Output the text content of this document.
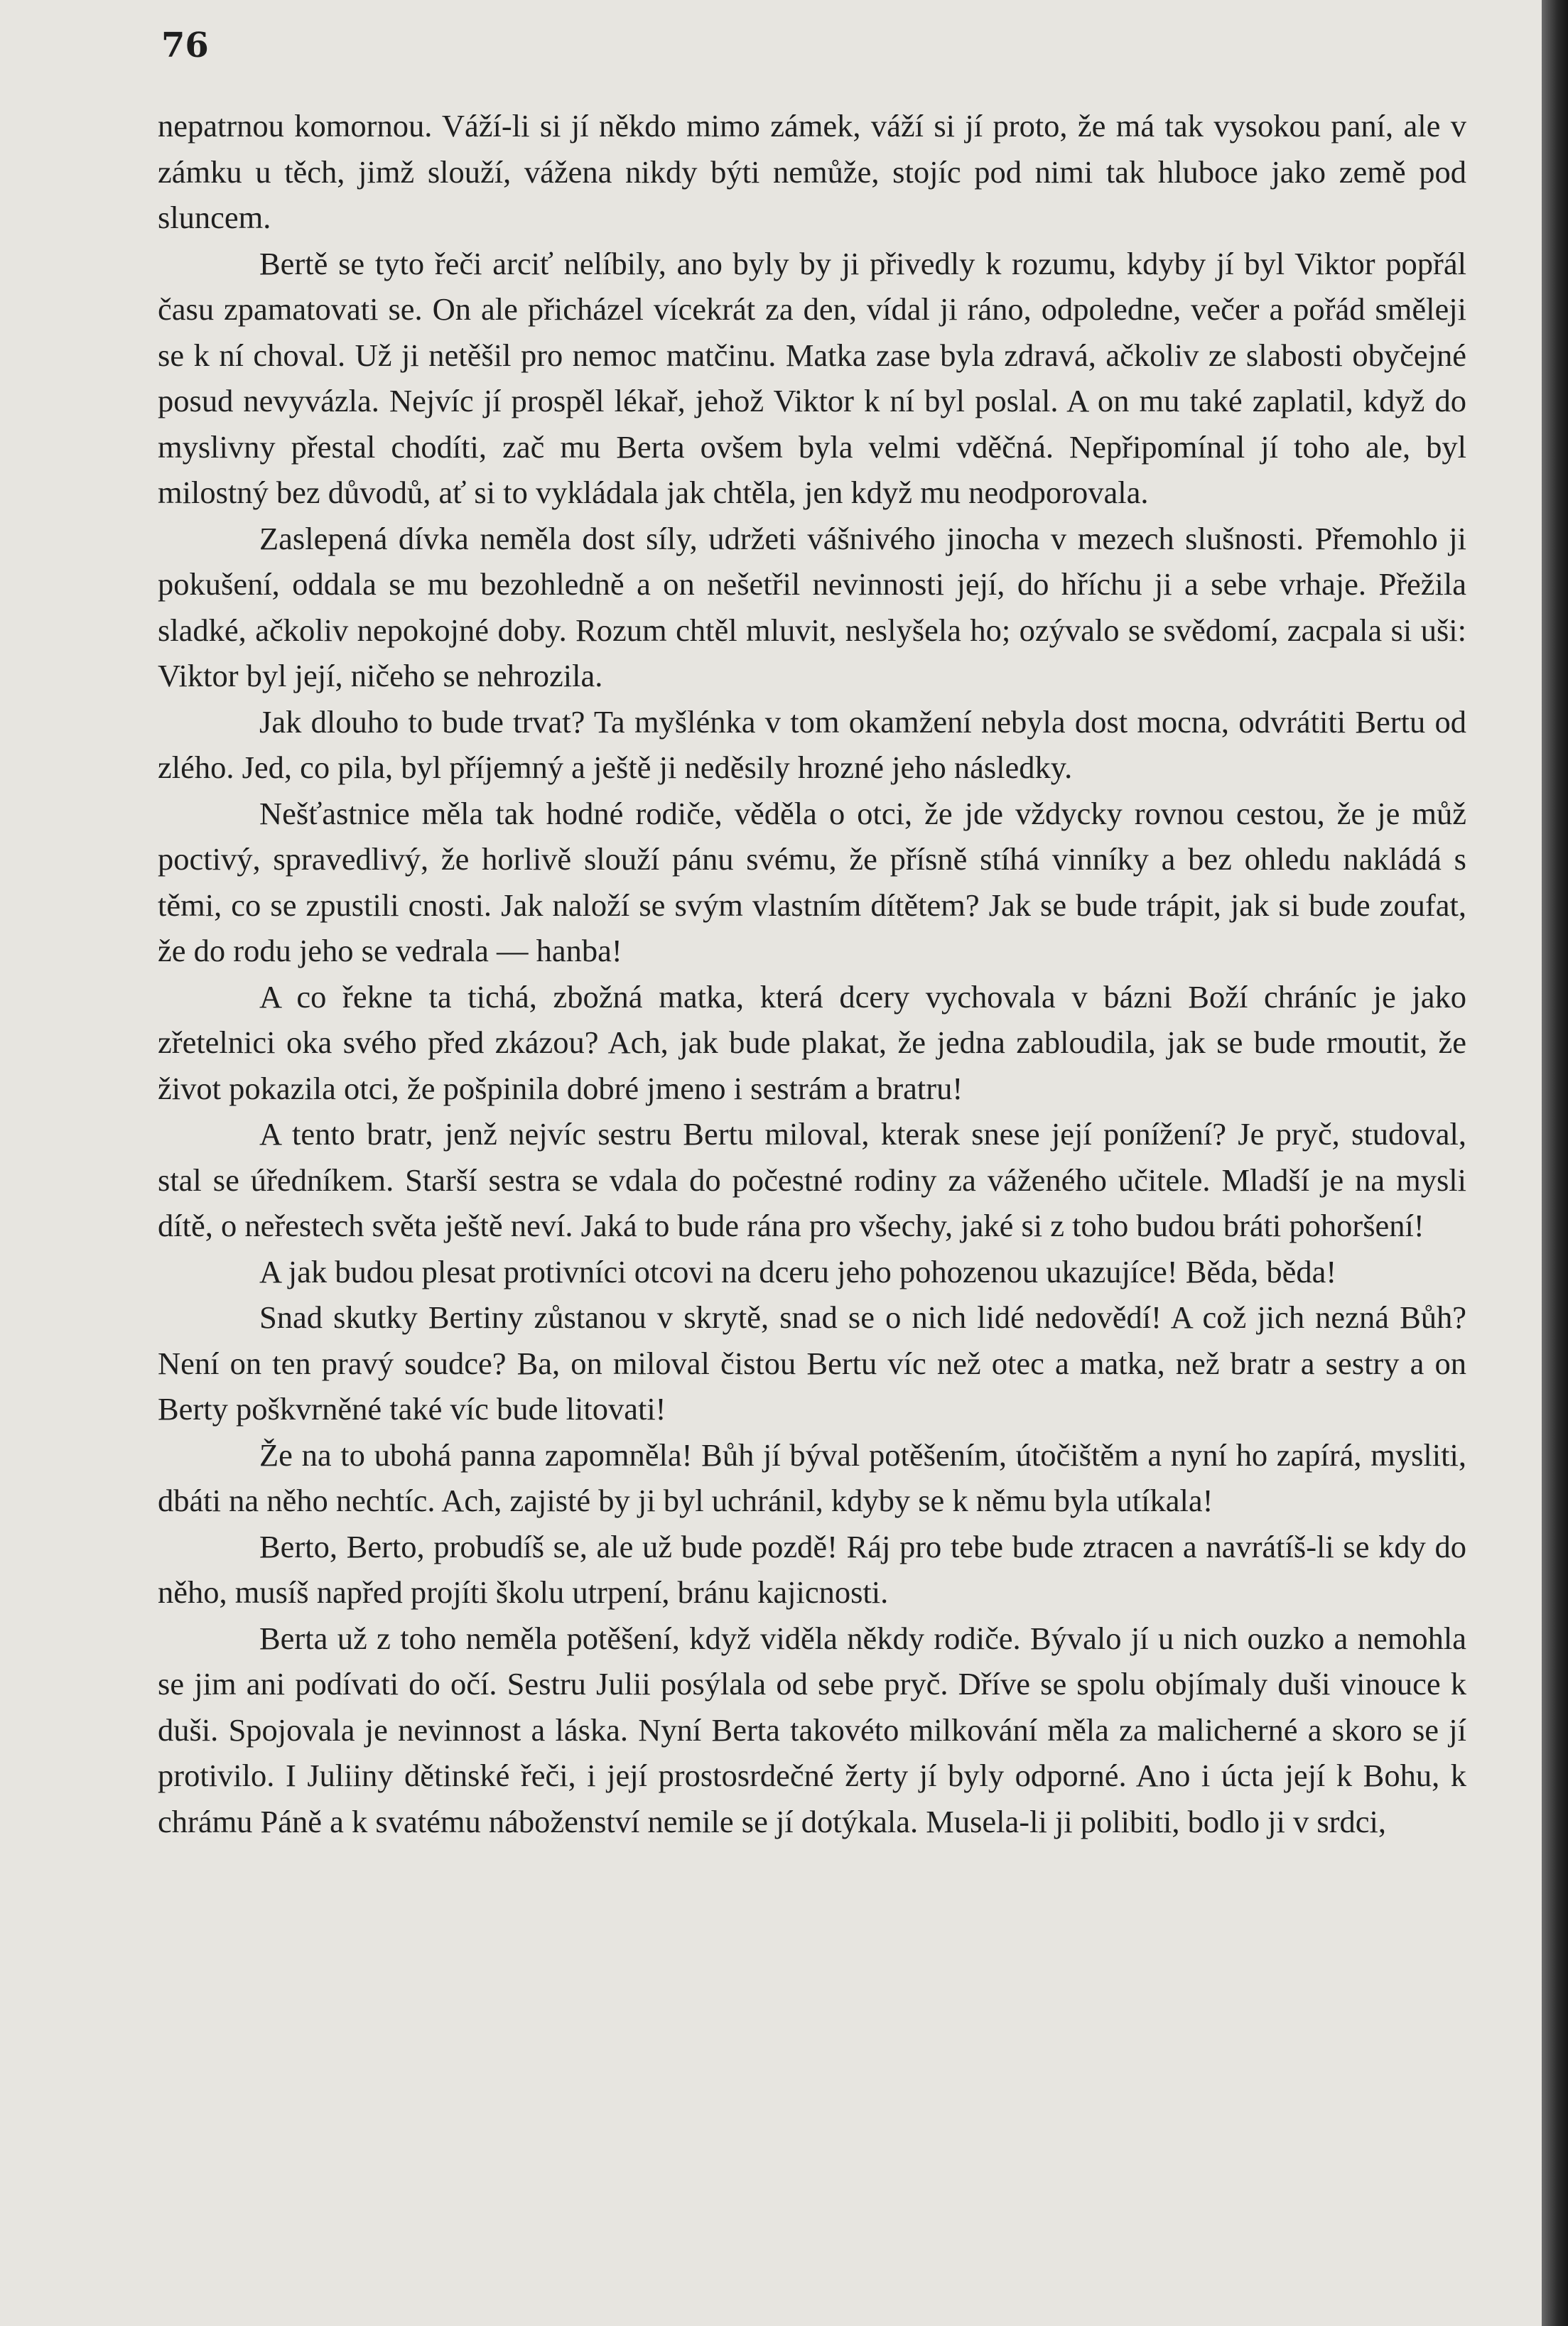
76

nepatrnou komornou. Váží-li si jí někdo mimo zámek, váží si jí proto, že má tak vysokou paní, ale v zámku u těch, jimž slouží, vážena nikdy býti nemůže, stojíc pod nimi tak hluboce jako země pod sluncem.

Bertě se tyto řeči arciť nelíbily, ano byly by ji přivedly k rozumu, kdyby jí byl Viktor popřál času zpamatovati se. On ale přicházel vícekrát za den, vídal ji ráno, odpoledne, večer a pořád směleji se k ní choval. Už ji netěšil pro nemoc matčinu. Matka zase byla zdravá, ačkoliv ze slabosti obyčejné posud nevyvázla. Nejvíc jí prospěl lékař, jehož Viktor k ní byl poslal. A on mu také zaplatil, když do myslivny přestal chodíti, zač mu Berta ovšem byla velmi vděčná. Nepřipomínal jí toho ale, byl milostný bez důvodů, ať si to vykládala jak chtěla, jen když mu neodporovala.

Zaslepená dívka neměla dost síly, udržeti vášnivého jinocha v mezech slušnosti. Přemohlo ji pokušení, oddala se mu bezohledně a on nešetřil nevinnosti její, do hříchu ji a sebe vrhaje. Přežila sladké, ačkoliv nepokojné doby. Rozum chtěl mluvit, neslyšela ho; ozývalo se svědomí, zacpala si uši: Viktor byl její, ničeho se nehrozila.

Jak dlouho to bude trvat? Ta myšlénka v tom okamžení nebyla dost mocna, odvrátiti Bertu od zlého. Jed, co pila, byl příjemný a ještě ji neděsily hrozné jeho následky.

Nešťastnice měla tak hodné rodiče, věděla o otci, že jde vždycky rovnou cestou, že je můž poctivý, spravedlivý, že horlivě slouží pánu svému, že přísně stíhá vinníky a bez ohledu nakládá s těmi, co se zpustili cnosti. Jak naloží se svým vlastním dítětem? Jak se bude trápit, jak si bude zoufat, že do rodu jeho se vedrala — hanba!

A co řekne ta tichá, zbožná matka, která dcery vychovala v bázni Boží chráníc je jako zřetelnici oka svého před zkázou? Ach, jak bude plakat, že jedna zabloudila, jak se bude rmoutit, že život pokazila otci, že pošpinila dobré jmeno i sestrám a bratru!

A tento bratr, jenž nejvíc sestru Bertu miloval, kterak snese její ponížení? Je pryč, studoval, stal se úředníkem. Starší sestra se vdala do počestné rodiny za váženého učitele. Mladší je na mysli dítě, o neřestech světa ještě neví. Jaká to bude rána pro všechy, jaké si z toho budou bráti pohoršení!

A jak budou plesat protivníci otcovi na dceru jeho pohozenou ukazujíce! Běda, běda!

Snad skutky Bertiny zůstanou v skrytě, snad se o nich lidé nedovědí! A což jich nezná Bůh? Není on ten pravý soudce? Ba, on miloval čistou Bertu víc než otec a matka, než bratr a sestry a on Berty poškvrněné také víc bude litovati!

Že na to ubohá panna zapomněla! Bůh jí býval potěšením, útočištěm a nyní ho zapírá, mysliti, dbáti na něho nechtíc. Ach, zajisté by ji byl uchránil, kdyby se k němu byla utíkala!

Berto, Berto, probudíš se, ale už bude pozdě! Ráj pro tebe bude ztracen a navrátíš-li se kdy do něho, musíš napřed projíti školu utrpení, bránu kajicnosti.

Berta už z toho neměla potěšení, když viděla někdy rodiče. Bývalo jí u nich ouzko a nemohla se jim ani podívati do očí. Sestru Julii posýlala od sebe pryč. Dříve se spolu objímaly duši vinouce k duši. Spojovala je nevinnost a láska. Nyní Berta takovéto milkování měla za malicherné a skoro se jí protivilo. I Juliiny dětinské řeči, i její prostosrdečné žerty jí byly odporné. Ano i úcta její k Bohu, k chrámu Páně a k svatému náboženství nemile se jí dotýkala. Musela-li ji polibiti, bodlo ji v srdci,
